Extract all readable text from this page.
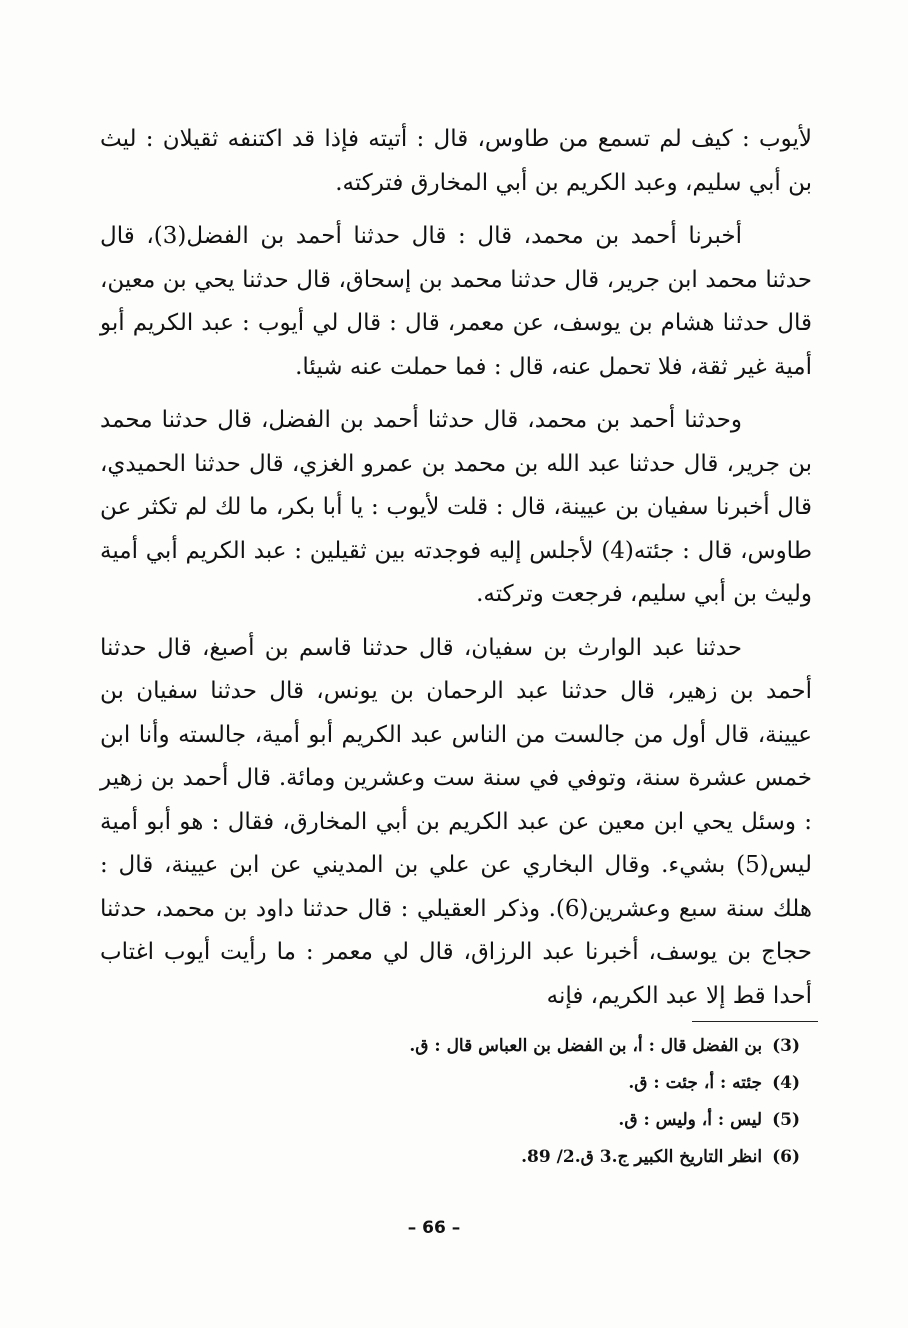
لأيوب : كيف لم تسمع من طاوس، قال : أتيته فإذا قد اكتنفه ثقيلان : ليث بن أبي سليم، وعبد الكريم بن أبي المخارق فتركته.

أخبرنا أحمد بن محمد، قال : قال حدثنا أحمد بن الفضل(3)، قال حدثنا محمد ابن جرير، قال حدثنا محمد بن إسحاق، قال حدثنا يحي بن معين، قال حدثنا هشام بن يوسف، عن معمر، قال : قال لي أيوب : عبد الكريم أبو أمية غير ثقة، فلا تحمل عنه، قال : فما حملت عنه شيئا.

وحدثنا أحمد بن محمد، قال حدثنا أحمد بن الفضل، قال حدثنا محمد بن جرير، قال حدثنا عبد الله بن محمد بن عمرو الغزي، قال حدثنا الحميدي، قال أخبرنا سفيان بن عيينة، قال : قلت لأيوب : يا أبا بكر، ما لك لم تكثر عن طاوس، قال : جئته(4) لأجلس إليه فوجدته بين ثقيلين : عبد الكريم أبي أمية وليث بن أبي سليم، فرجعت وتركته.

حدثنا عبد الوارث بن سفيان، قال حدثنا قاسم بن أصبغ، قال حدثنا أحمد بن زهير، قال حدثنا عبد الرحمان بن يونس، قال حدثنا سفيان بن عيينة، قال أول من جالست من الناس عبد الكريم أبو أمية، جالسته وأنا ابن خمس عشرة سنة، وتوفي في سنة ست وعشرين ومائة. قال أحمد بن زهير : وسئل يحي ابن معين عن عبد الكريم بن أبي المخارق، فقال : هو أبو أمية ليس(5) بشيء. وقال البخاري عن علي بن المديني عن ابن عيينة، قال : هلك سنة سبع وعشرين(6). وذكر العقيلي : قال حدثنا داود بن محمد، حدثنا حجاج بن يوسف، أخبرنا عبد الرزاق، قال لي معمر : ما رأيت أيوب اغتاب أحدا قط إلا عبد الكريم، فإنه

(3)بن الفضل قال : أ، بن الفضل بن العباس قال : ق.
(4)جئته : أ، جئت : ق.
(5)ليس : أ، وليس : ق.
(6)انظر التاريخ الكبير ج.3 ق.2/ 89.
– 66 –
